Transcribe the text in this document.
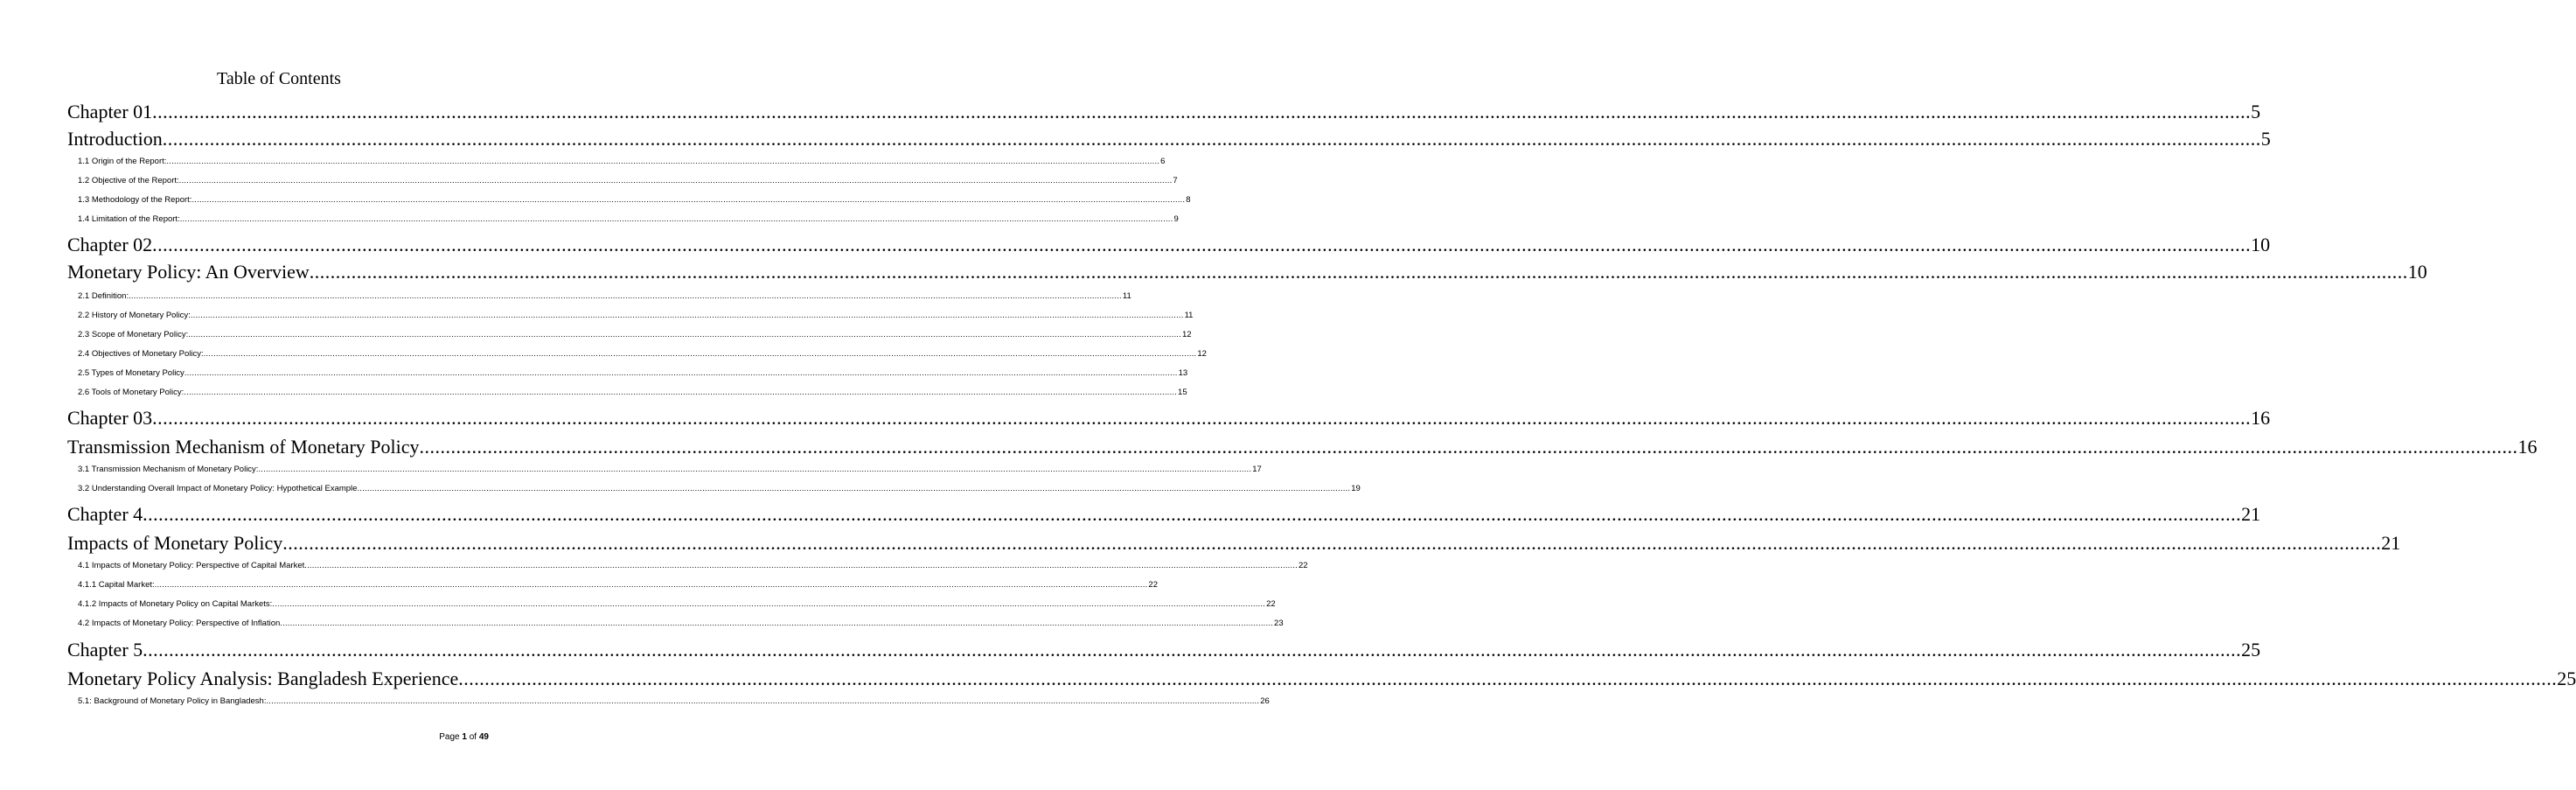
Table of Contents
Chapter 01 ................................................................................................................................................................................................................................................................................................................................................................................................................ 5
Introduction ................................................................................................................................................................................................................................................................................................................................................................................................................ 5
1.1 Origin of the Report: ................................................................................................................................................................................................................................................................................................................................................................................................................ 6
1.2 Objective of the Report: ................................................................................................................................................................................................................................................................................................................................................................................................................ 7
1.3 Methodology of the Report: ................................................................................................................................................................................................................................................................................................................................................................................................................ 8
1.4 Limitation of the Report: ................................................................................................................................................................................................................................................................................................................................................................................................................ 9
Chapter 02 ................................................................................................................................................................................................................................................................................................................................................................................................................ 10
Monetary Policy: An Overview ................................................................................................................................................................................................................................................................................................................................................................................................................ 10
2.1 Definition: ................................................................................................................................................................................................................................................................................................................................................................................................................ 11
2.2 History of Monetary Policy: ................................................................................................................................................................................................................................................................................................................................................................................................................ 11
2.3 Scope of Monetary Policy: ................................................................................................................................................................................................................................................................................................................................................................................................................ 12
2.4 Objectives of Monetary Policy: ................................................................................................................................................................................................................................................................................................................................................................................................................ 12
2.5 Types of Monetary Policy ................................................................................................................................................................................................................................................................................................................................................................................................................ 13
2.6 Tools of Monetary Policy: ................................................................................................................................................................................................................................................................................................................................................................................................................ 15
Chapter 03 ................................................................................................................................................................................................................................................................................................................................................................................................................ 16
Transmission Mechanism of Monetary Policy ................................................................................................................................................................................................................................................................................................................................................................................................................ 16
3.1 Transmission Mechanism of Monetary Policy: ................................................................................................................................................................................................................................................................................................................................................................................................................ 17
3.2 Understanding Overall Impact of Monetary Policy: Hypothetical Example ................................................................................................................................................................................................................................................................................................................................................................................................................ 19
Chapter 4 ................................................................................................................................................................................................................................................................................................................................................................................................................ 21
Impacts of Monetary Policy ................................................................................................................................................................................................................................................................................................................................................................................................................ 21
4.1 Impacts of Monetary Policy: Perspective of Capital Market ................................................................................................................................................................................................................................................................................................................................................................................................................ 22
4.1.1 Capital Market: ................................................................................................................................................................................................................................................................................................................................................................................................................ 22
4.1.2 Impacts of Monetary Policy on Capital Markets: ................................................................................................................................................................................................................................................................................................................................................................................................................ 22
4.2 Impacts of Monetary Policy: Perspective of Inflation ................................................................................................................................................................................................................................................................................................................................................................................................................ 23
Chapter 5 ................................................................................................................................................................................................................................................................................................................................................................................................................ 25
Monetary Policy Analysis: Bangladesh Experience ................................................................................................................................................................................................................................................................................................................................................................................................................ 25
5.1: Background of Monetary Policy in Bangladesh: ................................................................................................................................................................................................................................................................................................................................................................................................................ 26
Page 1 of 49
